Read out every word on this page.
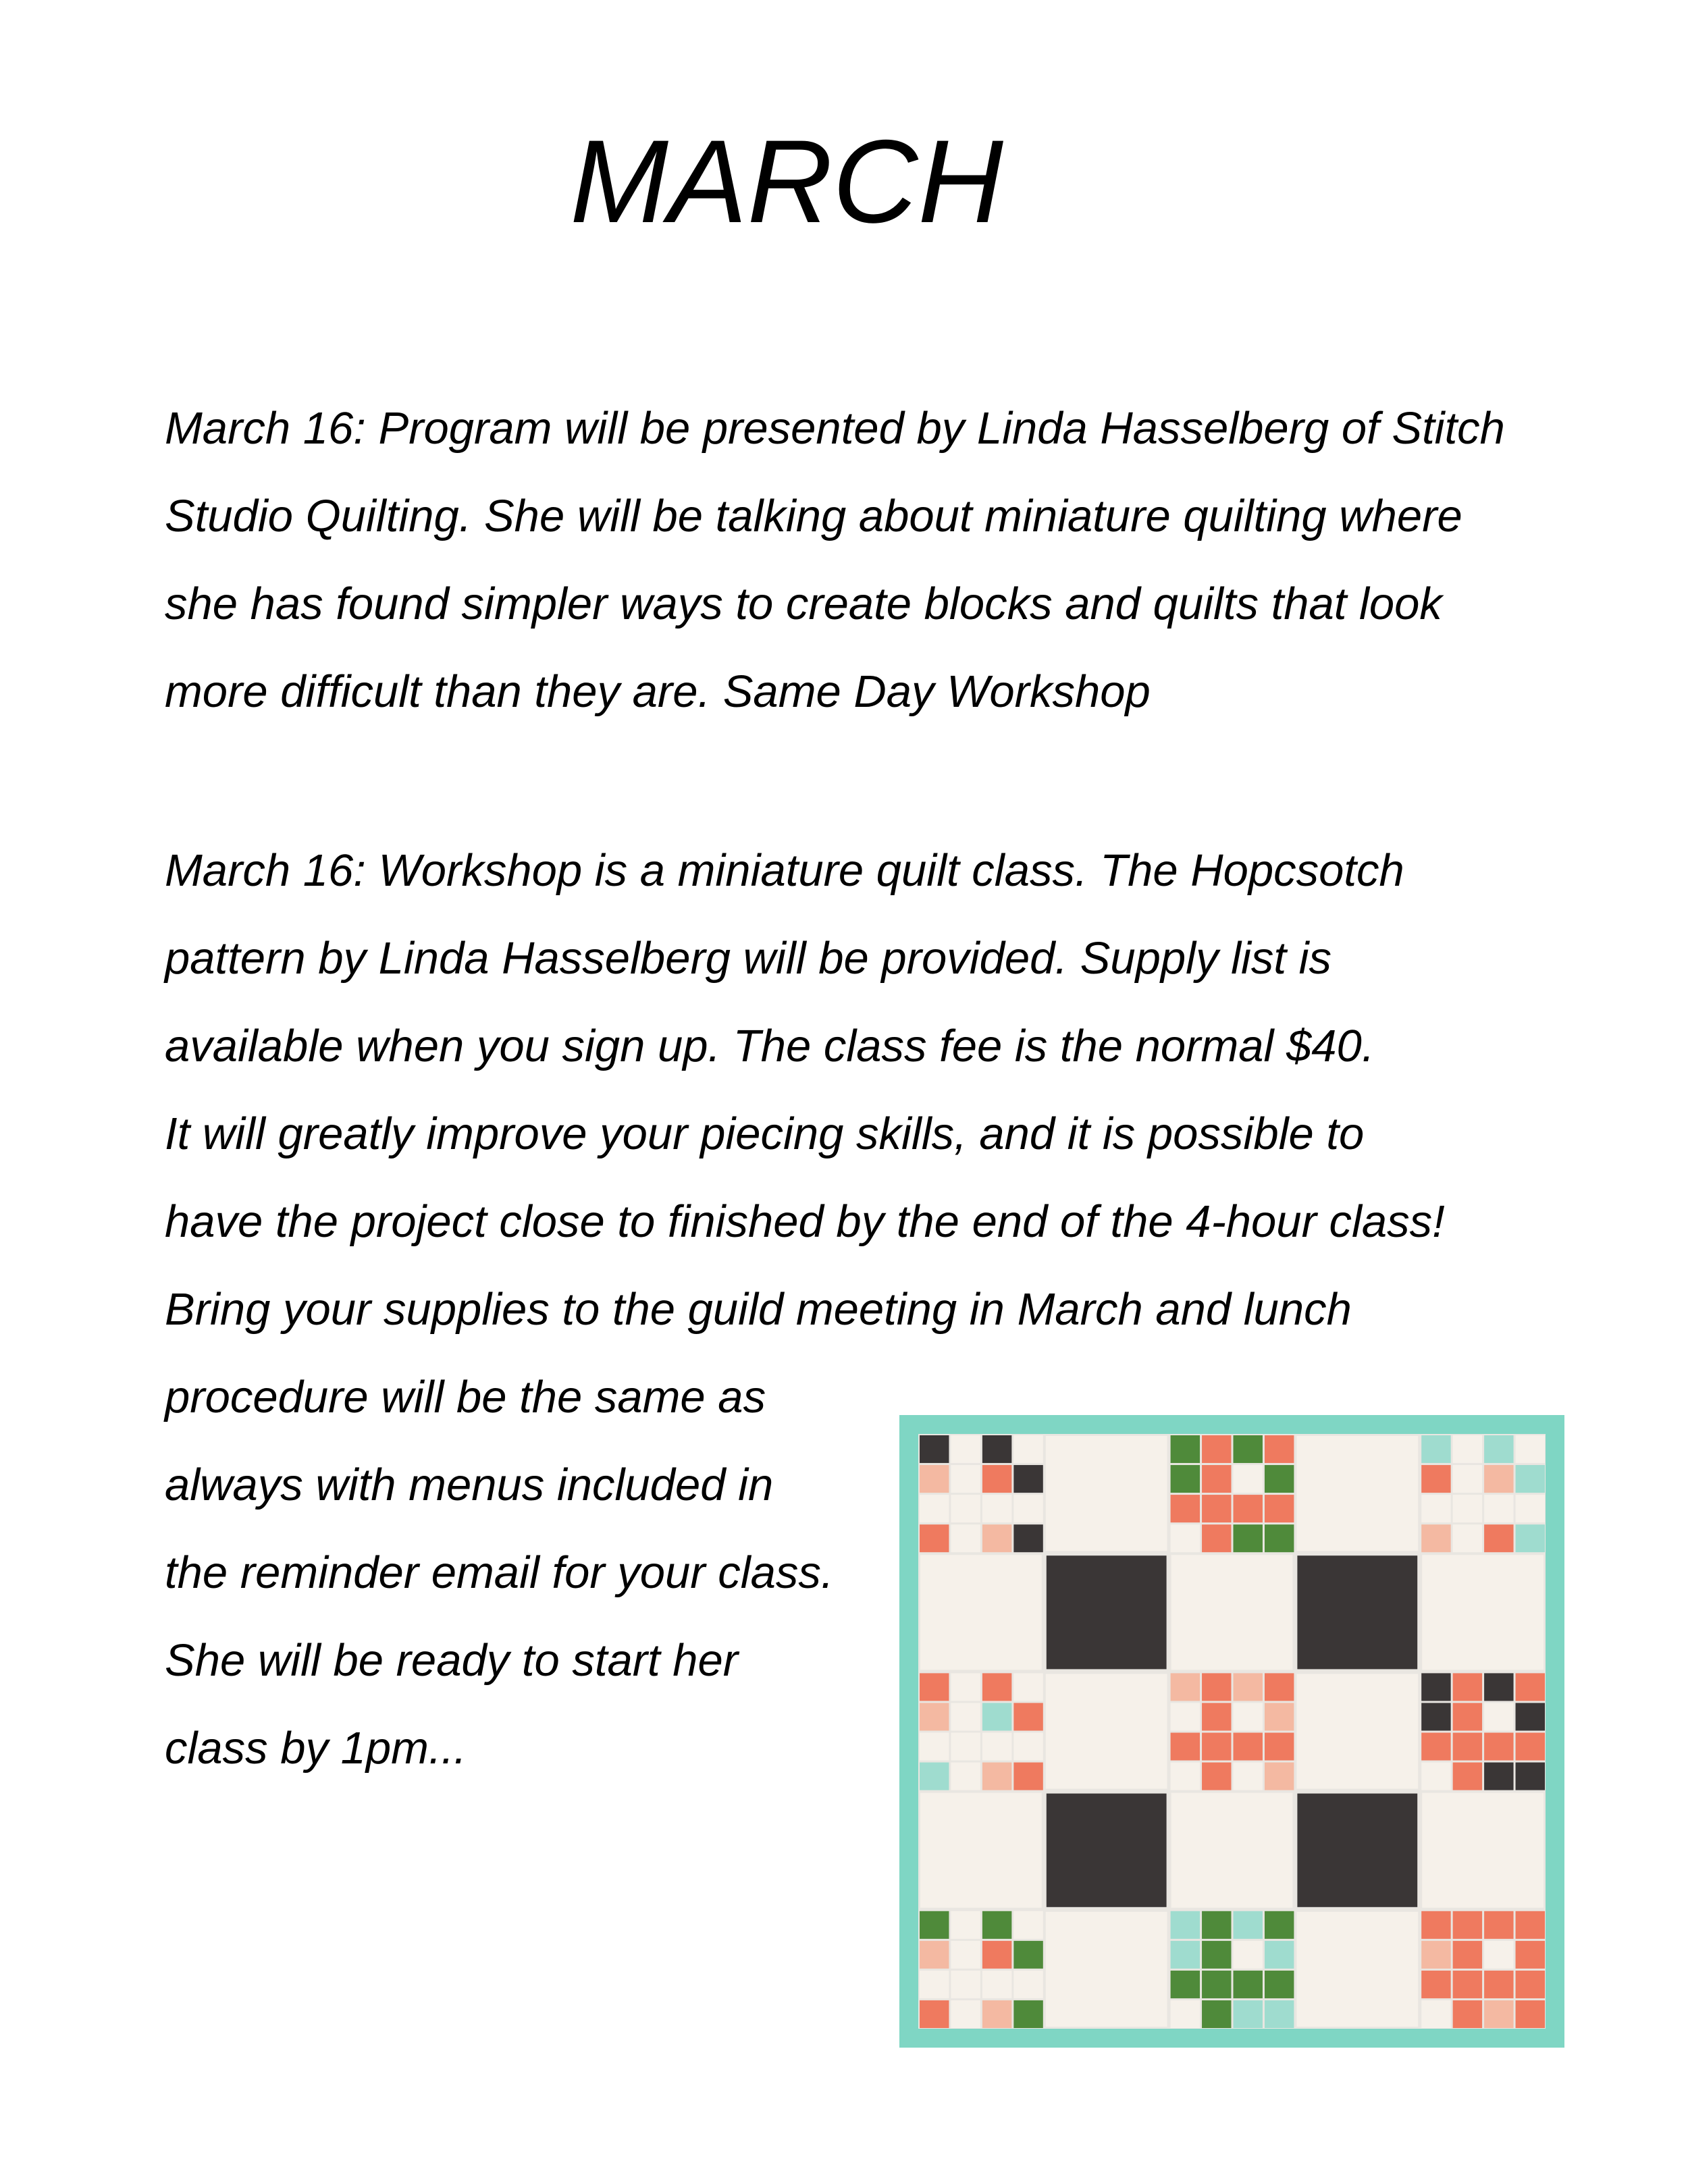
MARCH
March 16: Program will be presented by Linda Hasselberg of Stitch
Studio Quilting. She will be talking about miniature quilting where
she has found simpler ways to create blocks and quilts that look
more difficult than they are. Same Day Workshop
March 16: Workshop is a miniature quilt class. The Hopcsotch
pattern by Linda Hasselberg will be provided. Supply list is
available when you sign up. The class fee is the normal $40.
It will greatly improve your piecing skills, and it is possible to
have the project close to finished by the end of the 4-hour class!
Bring your supplies to the guild meeting in March and lunch
procedure will be the same as
always with menus included in
the reminder email for your class.
She will be ready to start her
class by 1pm...
